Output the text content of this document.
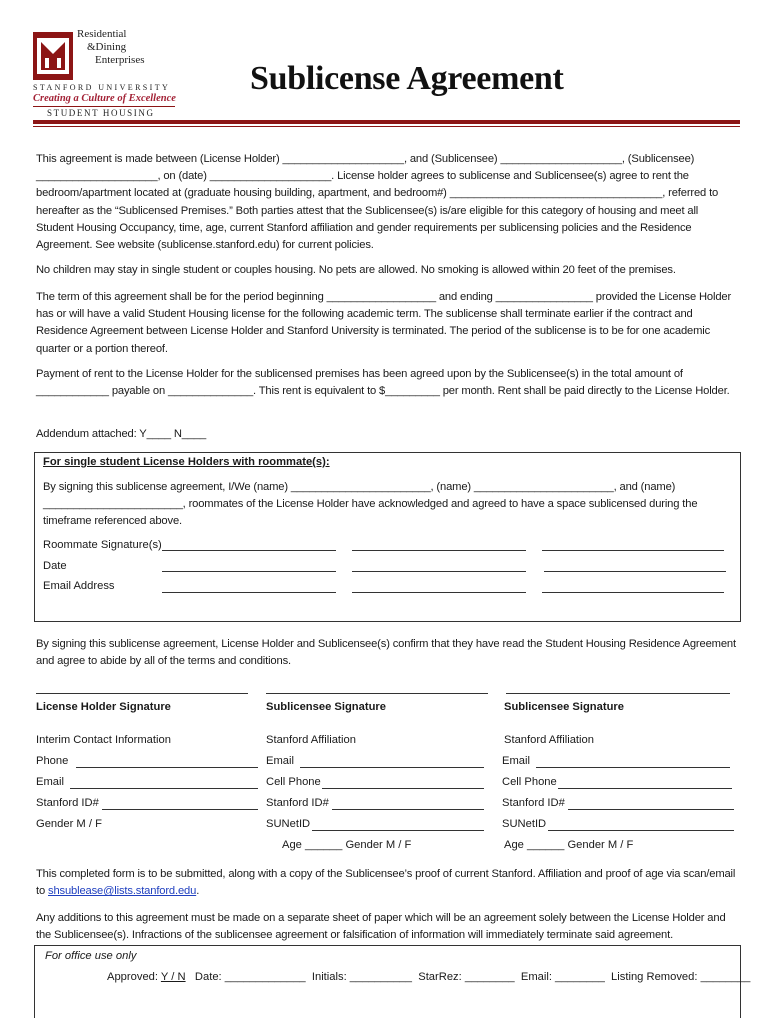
Residential
&Dining
Enterprises
STANFORD UNIVERSITY
Creating a Culture of Excellence
STUDENT HOUSING
Sublicense Agreement
This agreement is made between (License Holder) ____________________, and (Sublicensee) ____________________, (Sublicensee) ____________________, on (date) ____________________. License holder agrees to sublicense and Sublicensee(s) agree to rent the bedroom/apartment located at (graduate housing building, apartment, and bedroom#) ___________________________________, referred to hereafter as the “Sublicensed Premises.” Both parties attest that the Sublicensee(s) is/are eligible for this category of housing and meet all Student Housing Occupancy, time, age, current Stanford affiliation and gender requirements per sublicensing policies and the Residence Agreement. See website (sublicense.stanford.edu) for current policies.
No children may stay in single student or couples housing. No pets are allowed. No smoking is allowed within 20 feet of the premises.
The term of this agreement shall be for the period beginning __________________ and ending ________________ provided the License Holder has or will have a valid Student Housing license for the following academic term. The sublicense shall terminate earlier if the contract and Residence Agreement between License Holder and Stanford University is terminated. The period of the sublicense is to be for one academic quarter or a portion thereof.
Payment of rent to the License Holder for the sublicensed premises has been agreed upon by the Sublicensee(s) in the total amount of ____________ payable on ______________. This rent is equivalent to $_________ per month. Rent shall be paid directly to the License Holder.
Addendum attached: Y____ N____
For single student License Holders with roommate(s):
By signing this sublicense agreement, I/We (name) _______________________, (name) _______________________, and (name) _______________________, roommates of the License Holder have acknowledged and agreed to have a space sublicensed during the timeframe referenced above.
Roommate Signature(s)
Date
Email Address
By signing this sublicense agreement, License Holder and Sublicensee(s) confirm that they have read the Student Housing Residence Agreement and agree to abide by all of the terms and conditions.
License Holder Signature	Sublicensee Signature	Sublicensee Signature
Interim Contact Information
Phone
Email
Stanford ID#
Gender M / F
Stanford Affiliation
Email
Cell Phone
Stanford ID#
SUNetID
Age ______ Gender M / F
Stanford Affiliation
Email
Cell Phone
Stanford ID#
SUNetID
Age ______ Gender M / F
This completed form is to be submitted, along with a copy of the Sublicensee’s proof of current Stanford. Affiliation and proof of age via scan/email to shsublease@lists.stanford.edu.
Any additions to this agreement must be made on a separate sheet of paper which will be an agreement solely between the License Holder and the Sublicensee(s). Infractions of the sublicensee agreement or falsification of information will immediately terminate said agreement.
For office use only
Approved: Y / N Date: _____________ Initials: __________ StarRez: ________ Email: ________ Listing Removed: ________
